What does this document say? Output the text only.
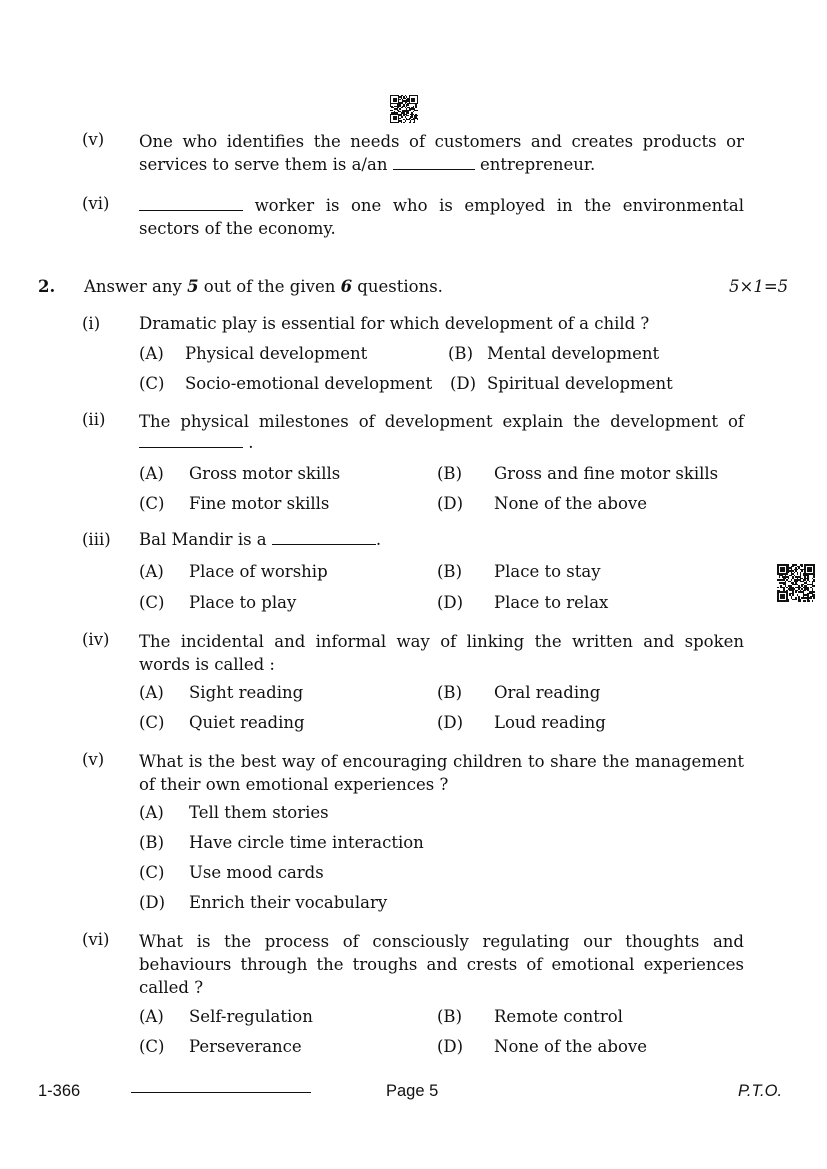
(v) One who identifies the needs of customers and creates products or services to serve them is a/an	entrepreneur.
(vi)	worker is one who is employed in the environmental sectors of the economy.
2. Answer any 5 out of the given 6 questions.	5×1=5
(i) Dramatic play is essential for which development of a child ?
(A) Physical development	(B) Mental development
(C) Socio-emotional development (D) Spiritual development
(ii) The physical milestones of development explain the development of
.
(A) Gross motor skills	(B) Gross and fine motor skills
(C) Fine motor skills	(D) None of the above
(iii) Bal Mandir is a	.
(A) Place of worship	(B) Place to stay
(C) Place to play	(D) Place to relax
(iv) The incidental and informal way of linking the written and spoken words is called :
(A) Sight reading	(B) Oral reading
(C) Quiet reading	(D) Loud reading
(v) What is the best way of encouraging children to share the management of their own emotional experiences ?
(A) Tell them stories
(B) Have circle time interaction
(C) Use mood cards
(D) Enrich their vocabulary
(vi) What is the process of consciously regulating our thoughts and behaviours through the troughs and crests of emotional experiences called ?
(A) Self-regulation	(B) Remote control
(C) Perseverance	(D) None of the above
1-366	Page 5	P.T.O.
